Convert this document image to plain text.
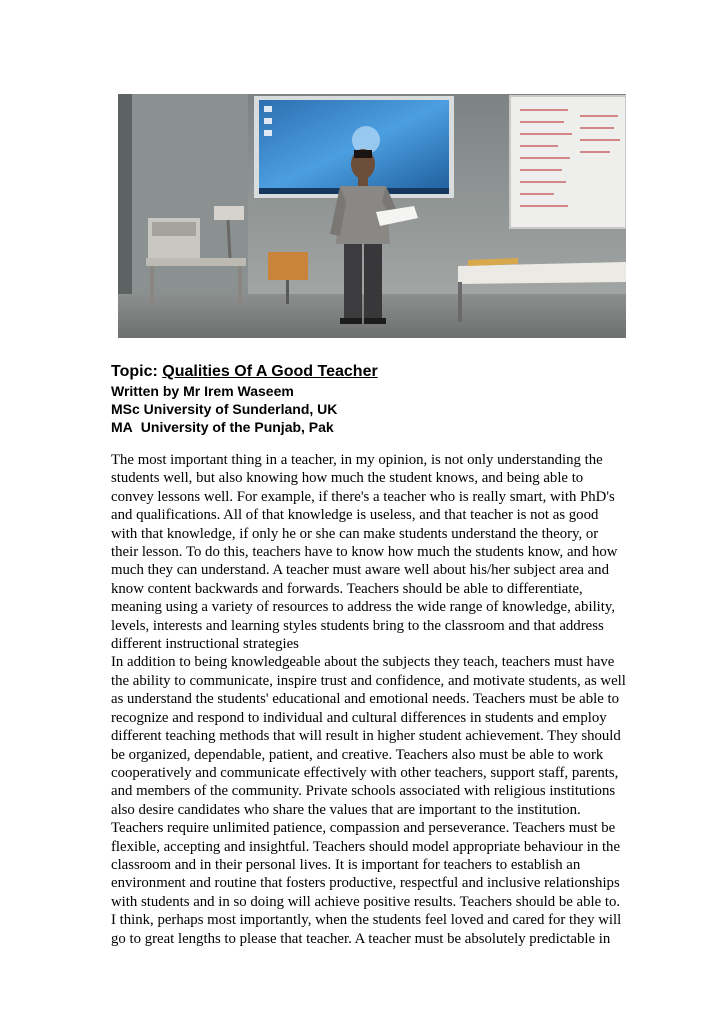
Topic: Qualities Of A Good Teacher
Written by Mr Irem Waseem
MSc University of Sunderland, UK
MA University of the Punjab, Pak

The most important thing in a teacher, in my opinion, is not only understanding the students well, but also knowing how much the student knows, and being able to convey lessons well. For example, if there's a teacher who is really smart, with PhD's and qualifications. All of that knowledge is useless, and that teacher is not as good with that knowledge, if only he or she can make students understand the theory, or their lesson. To do this, teachers have to know how much the students know, and how much they can understand. A teacher must aware well about his/her subject area and know content backwards and forwards. Teachers should be able to differentiate, meaning using a variety of resources to address the wide range of knowledge, ability, levels, interests and learning styles students bring to the classroom and that address different instructional strategies

In addition to being knowledgeable about the subjects they teach, teachers must have the ability to communicate, inspire trust and confidence, and motivate students, as well as understand the students' educational and emotional needs. Teachers must be able to recognize and respond to individual and cultural differences in students and employ different teaching methods that will result in higher student achievement. They should be organized, dependable, patient, and creative. Teachers also must be able to work cooperatively and communicate effectively with other teachers, support staff, parents, and members of the community. Private schools associated with religious institutions also desire candidates who share the values that are important to the institution.

Teachers require unlimited patience, compassion and perseverance. Teachers must be flexible, accepting and insightful. Teachers should model appropriate behaviour in the classroom and in their personal lives. It is important for teachers to establish an environment and routine that fosters productive, respectful and inclusive relationships with students and in so doing will achieve positive results. Teachers should be able to.

I think, perhaps most importantly, when the students feel loved and cared for they will go to great lengths to please that teacher. A teacher must be absolutely predictable in
